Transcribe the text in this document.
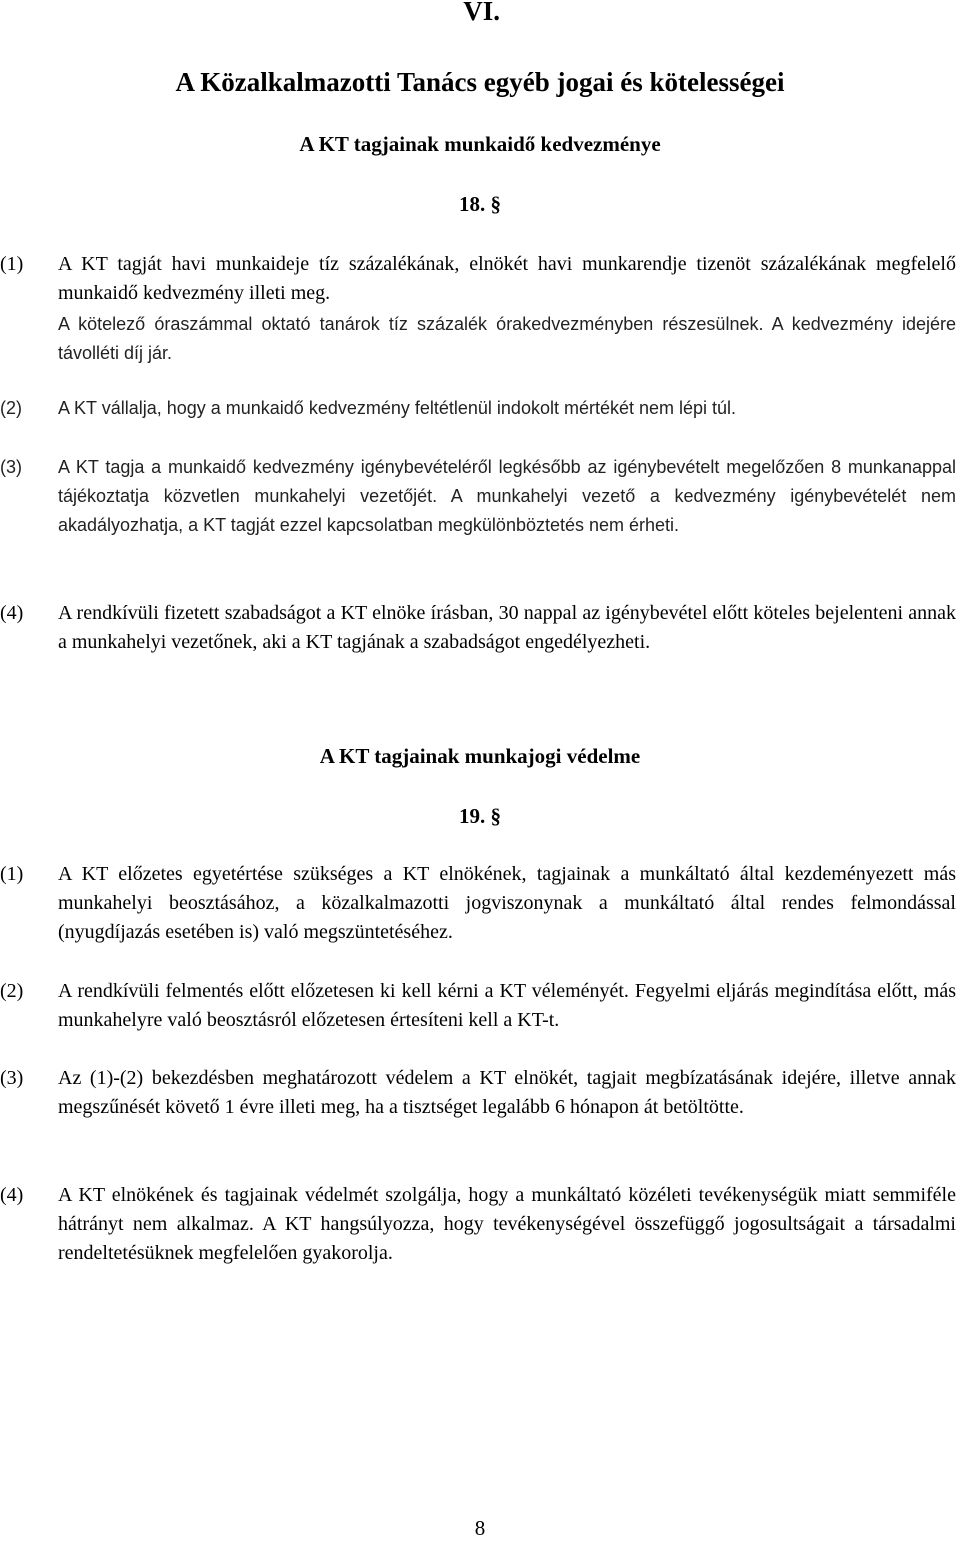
VI.
A Közalkalmazotti Tanács egyéb jogai és kötelességei
A KT tagjainak munkaidő kedvezménye
18. §
(1) A KT tagját havi munkaideje tíz százalékának, elnökét havi munkarendje tizenöt százalékának megfelelő munkaidő kedvezmény illeti meg.
A kötelező óraszámmal oktató tanárok tíz százalék órakedvezményben részesülnek. A kedvezmény idejére távolléti díj jár.
(2) A KT vállalja, hogy a munkaidő kedvezmény feltétlenül indokolt mértékét nem lépi túl.
(3) A KT tagja a munkaidő kedvezmény igénybevételéről legkésőbb az igénybevételt megelőzően 8 munkanappal tájékoztatja közvetlen munkahelyi vezetőjét. A munkahelyi vezető a kedvezmény igénybevételét nem akadályozhatja, a KT tagját ezzel kapcsolatban megkülönböztetés nem érheti.
(4) A rendkívüli fizetett szabadságot a KT elnöke írásban, 30 nappal az igénybevétel előtt köteles bejelenteni annak a munkahelyi vezetőnek, aki a KT tagjának a szabadságot engedélyezheti.
A KT tagjainak munkajogi védelme
19. §
(1) A KT előzetes egyetértése szükséges a KT elnökének, tagjainak a munkáltató által kezdeményezett más munkahelyi beosztásához, a közalkalmazotti jogviszonynak a munkáltató által rendes felmondással (nyugdíjazás esetében is) való megszüntetéséhez.
(2) A rendkívüli felmentés előtt előzetesen ki kell kérni a KT véleményét. Fegyelmi eljárás megindítása előtt, más munkahelyre való beosztásról előzetesen értesíteni kell a KT-t.
(3) Az (1)-(2) bekezdésben meghatározott védelem a KT elnökét, tagjait megbízatásának idejére, illetve annak megszűnését követő 1 évre illeti meg, ha a tisztséget legalább 6 hónapon át betöltötte.
(4) A KT elnökének és tagjainak védelmét szolgálja, hogy a munkáltató közéleti tevékenységük miatt semmiféle hátrányt nem alkalmaz. A KT hangsúlyozza, hogy tevékenységével összefüggő jogosultságait a társadalmi rendeltetésüknek megfelelően gyakorolja.
8
